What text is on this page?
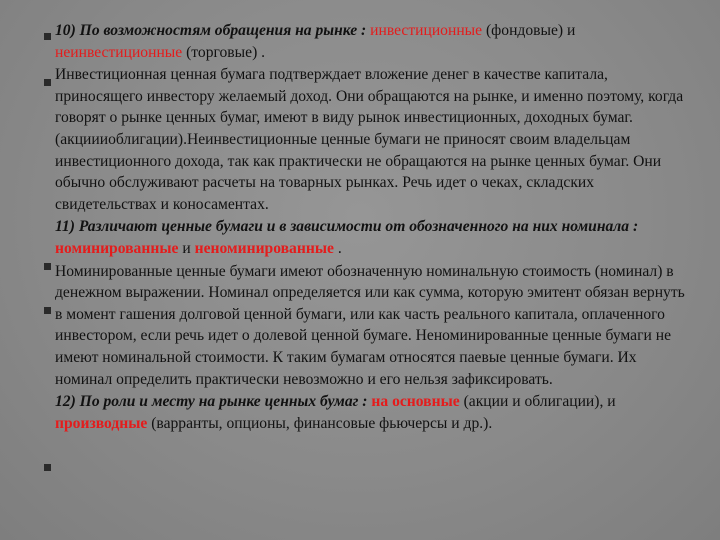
10) По возможностям обращения на рынке : инвестиционные (фондовые) и неинвестиционные (торговые) .

Инвестиционная ценная бумага подтверждает вложение денег в качестве капитала, приносящего инвестору желаемый доход. Они обращаются на рынке, и именно поэтому, когда говорят о рынке ценных бумаг, имеют в виду рынок инвестиционных, доходных бумаг.(акциииоблигации).Неинвестиционные ценные бумаги не приносят своим владельцам инвестиционного дохода, так как практически не обращаются на рынке ценных бумаг. Они обычно обслуживают расчеты на товарных рынках. Речь идет о чеках, складских свидетельствах и коносаментах.

11) Различают ценные бумаги и в зависимости от обозначенного на них номинала : номинированные и неноминированные .

Номинированные ценные бумаги имеют обозначенную номинальную стоимость (номинал) в денежном выражении. Номинал определяется или как сумма, которую эмитент обязан вернуть в момент гашения долговой ценной бумаги, или как часть реального капитала, оплаченного инвестором, если речь идет о долевой ценной бумаге. Неноминированные ценные бумаги не имеют номинальной стоимости. К таким бумагам относятся паевые ценные бумаги. Их номинал определить практически невозможно и его нельзя зафиксировать.

12) По роли и месту на рынке ценных бумаг : на основные (акции и облигации), и производные (варранты, опционы, финансовые фьючерсы и др.).
